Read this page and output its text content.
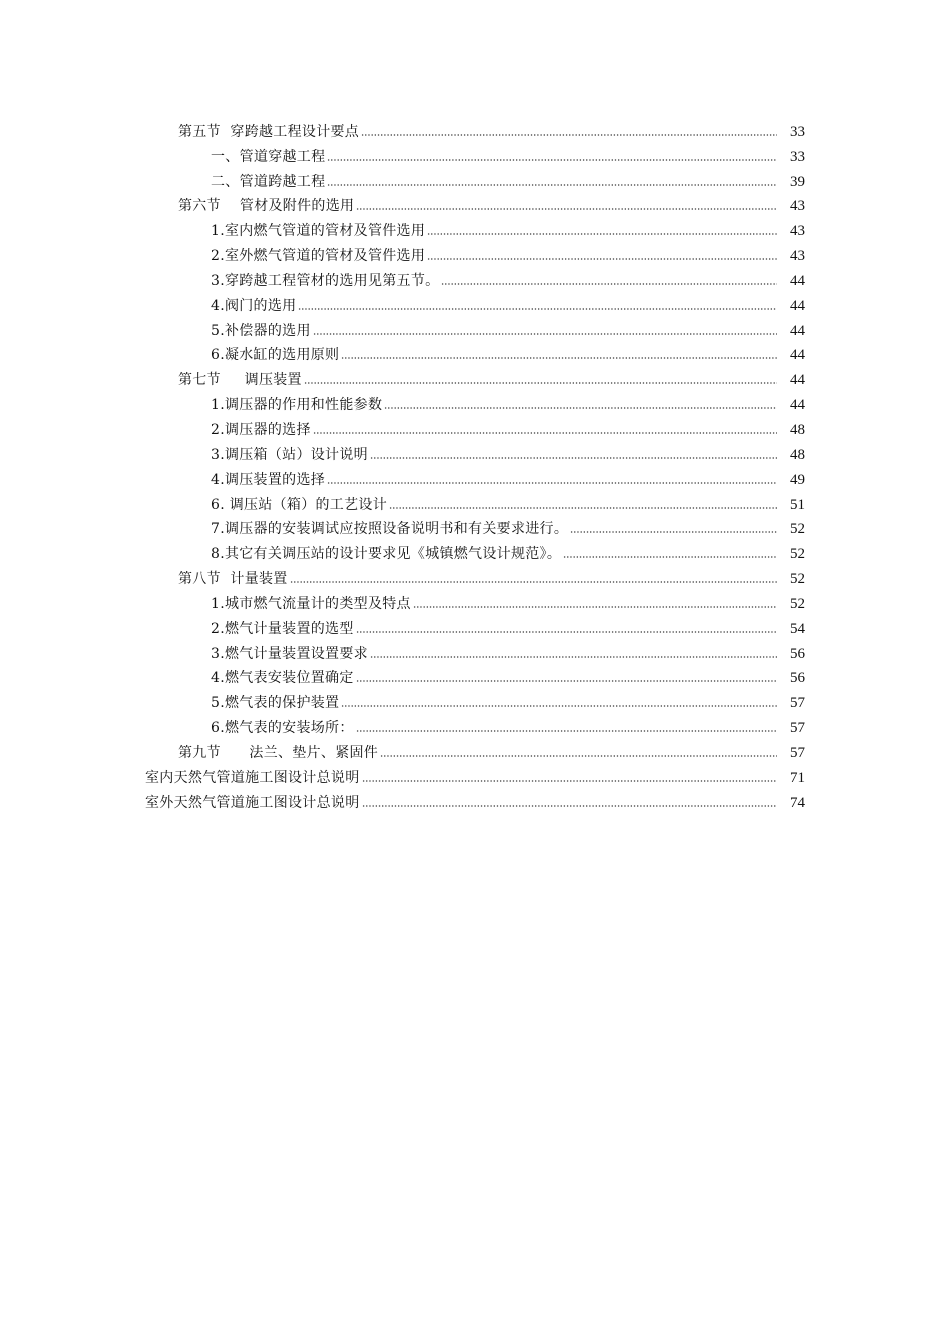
第五节  穿跨越工程设计要点	33
一、管道穿越工程	33
二、管道跨越工程	39
第六节    管材及附件的选用	43
1.室内燃气管道的管材及管件选用	43
2.室外燃气管道的管材及管件选用	43
3.穿跨越工程管材的选用见第五节。	44
4.阀门的选用	44
5.补偿器的选用	44
6.凝水缸的选用原则	44
第七节     调压装置	44
1.调压器的作用和性能参数	44
2.调压器的选择	48
3.调压箱（站）设计说明	48
4.调压装置的选择	49
6. 调压站（箱）的工艺设计	51
7.调压器的安装调试应按照设备说明书和有关要求进行。	52
8.其它有关调压站的设计要求见《城镇燃气设计规范》。	52
第八节  计量装置	52
1.城市燃气流量计的类型及特点	52
2.燃气计量装置的选型	54
3.燃气计量装置设置要求	56
4.燃气表安装位置确定	56
5.燃气表的保护装置	57
6.燃气表的安装场所：	57
第九节      法兰、垫片、紧固件	57
室内天然气管道施工图设计总说明	71
室外天然气管道施工图设计总说明	74
